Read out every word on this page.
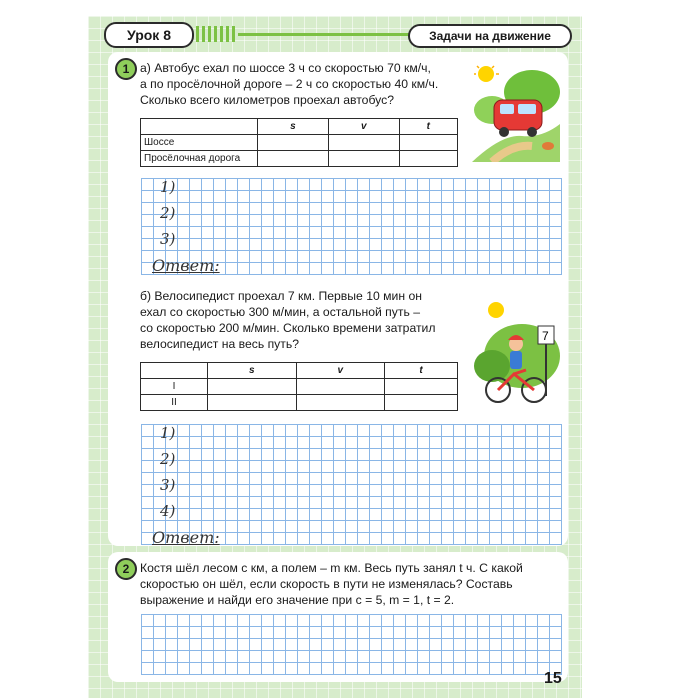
Урок 8	Задачи на движение
1 а) Автобус ехал по шоссе 3 ч со скоростью 70 км/ч,
а по просёлочной дороге – 2 ч со скоростью 40 км/ч.
Сколько всего километров проехал автобус?
	s	v	t
Шоссе			
Просёлочная дорога			
1)
2)
3)
Ответ:
б) Велосипедист проехал 7 км. Первые 10 мин он
ехал со скоростью 300 м/мин, а остальной путь –
со скоростью 200 м/мин. Сколько времени затратил
велосипедист на весь путь?
7
	s	v	t
I			
II			
1)
2)
3)
4)
Ответ:
2 Костя шёл лесом c км, а полем – m км. Весь путь занял t ч. С какой
скоростью он шёл, если скорость в пути не изменялась? Составь
выражение и найди его значение при c = 5, m = 1, t = 2.
15
